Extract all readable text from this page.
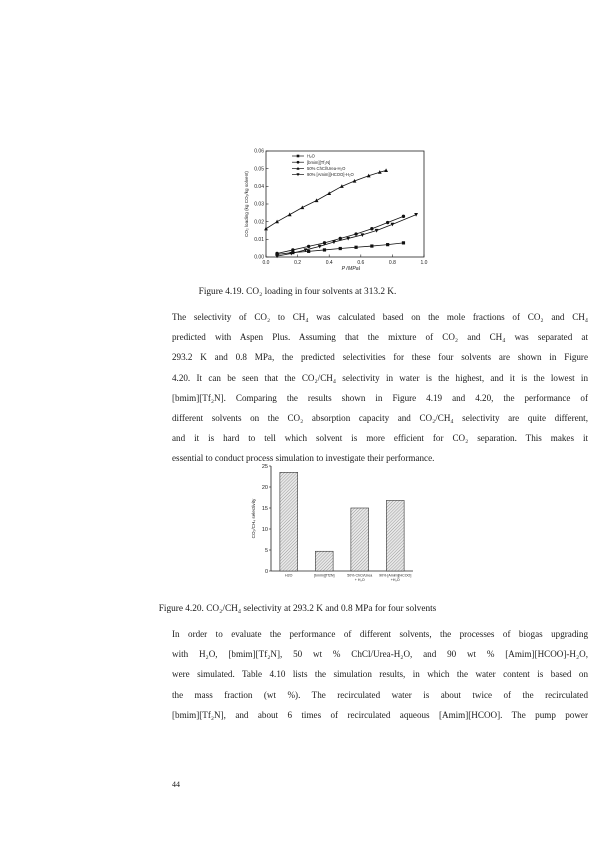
0.0	0.2	0.4	0.6	0.8	1.0
0.00
0.01
0.02
0.03
0.04
0.05
0.06
P (MPa)
CO₂ loading (kg CO₂/kg solvent)
H₂O
[bmim][Tf₂N]
50% ChCl/Urea-H₂O
90% [Amim][HCOO]-H₂O
Figure 4.19. CO₂ loading in four solvents at 313.2 K.
The selectivity of CO₂ to CH₄ was calculated based on the mole fractions of CO₂ and CH₄
predicted with Aspen Plus. Assuming that the mixture of CO₂ and CH₄ was separated at
293.2 K and 0.8 MPa, the predicted selectivities for these four solvents are shown in Figure
4.20. It can be seen that the CO₂/CH₄ selectivity in water is the highest, and it is the lowest in
[bmim][Tf₂N]. Comparing the results shown in Figure 4.19 and 4.20, the performance of
different solvents on the CO₂ absorption capacity and CO₂/CH₄ selectivity are quite different,
and it is hard to tell which solvent is more efficient for CO₂ separation. This makes it
essential to conduct process simulation to investigate their performance.
0
5
10
15
20
25
CO₂/CH₄ selectivity
H2O	[bmim][Tf2N]	50% ChCl/Urea
+ H₂O
90% [Amim][HCOO]
+H₂O
Figure 4.20. CO₂/CH₄ selectivity at 293.2 K and 0.8 MPa for four solvents
In order to evaluate the performance of different solvents, the processes of biogas upgrading
with H₂O, [bmim][Tf₂N], 50 wt % ChCl/Urea-H₂O, and 90 wt % [Amim][HCOO]-H₂O,
were simulated. Table 4.10 lists the simulation results, in which the water content is based on
the mass fraction (wt %). The recirculated water is about twice of the recirculated
[bmim][Tf₂N], and about 6 times of recirculated aqueous [Amim][HCOO]. The pump power
44
